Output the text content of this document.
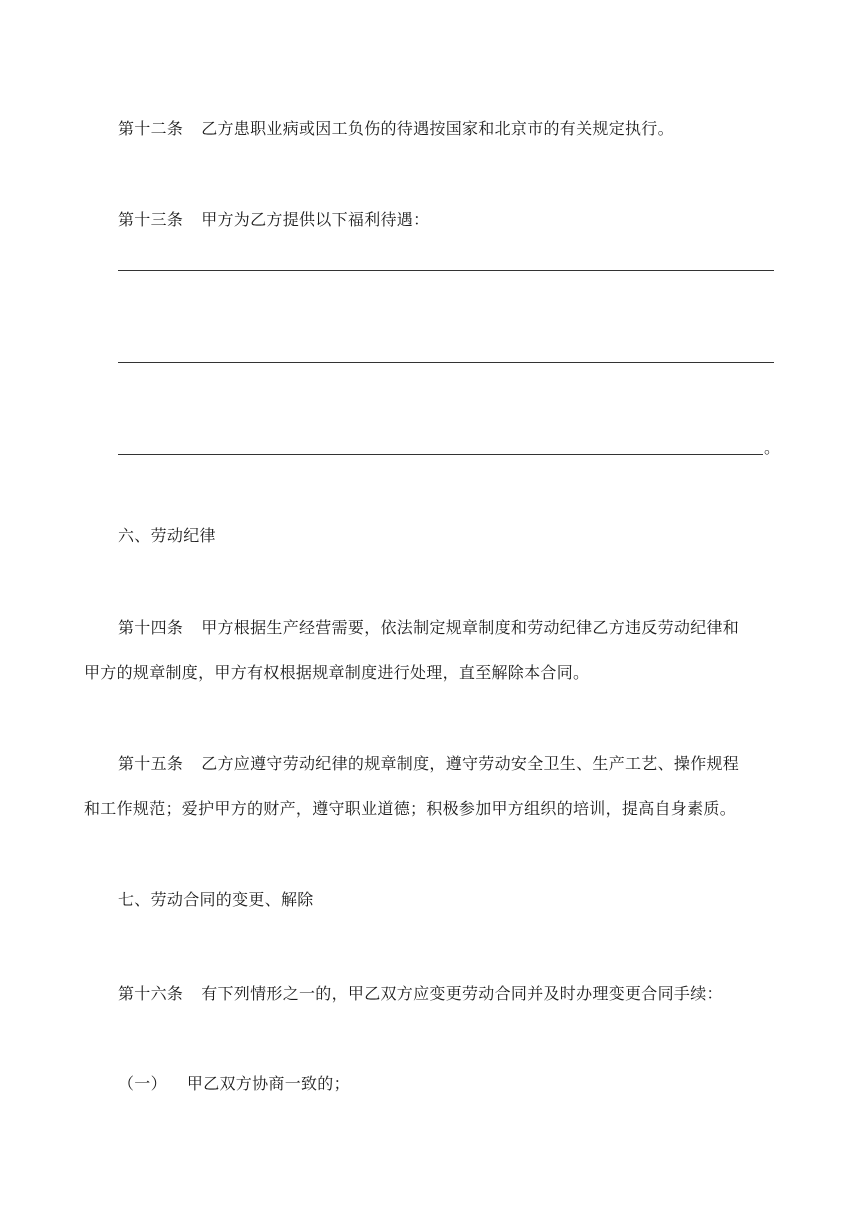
第十二条 乙方患职业病或因工负伤的待遇按国家和北京市的有关规定执行。
第十三条 甲方为乙方提供以下福利待遇：
。
六、劳动纪律
第十四条 甲方根据生产经营需要，依法制定规章制度和劳动纪律乙方违反劳动纪律和
甲方的规章制度，甲方有权根据规章制度进行处理，直至解除本合同。
第十五条 乙方应遵守劳动纪律的规章制度，遵守劳动安全卫生、生产工艺、操作规程
和工作规范；爱护甲方的财产，遵守职业道德；积极参加甲方组织的培训，提高自身素质。
七、劳动合同的变更、解除
第十六条 有下列情形之一的，甲乙双方应变更劳动合同并及时办理变更合同手续：
（一） 甲乙双方协商一致的；
